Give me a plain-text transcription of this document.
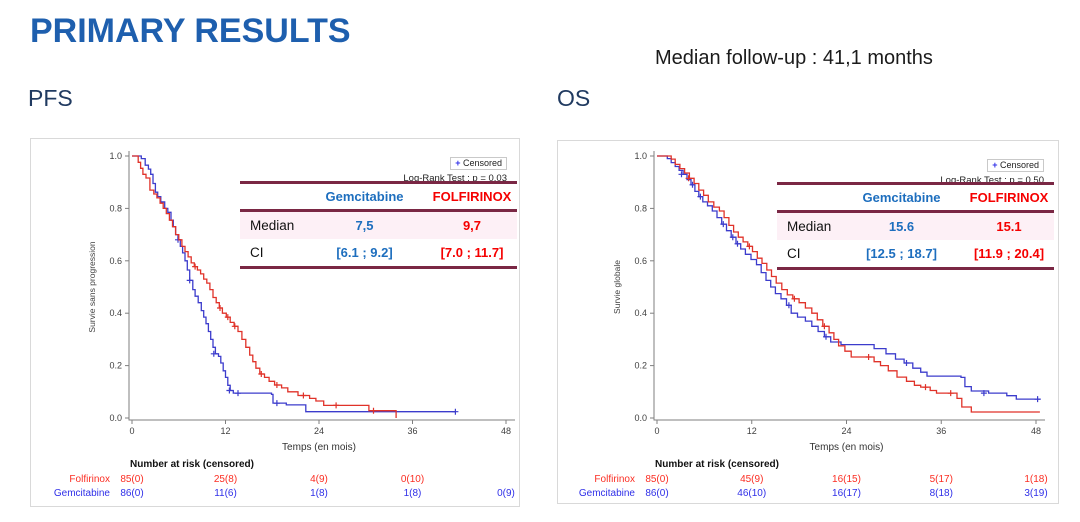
PRIMARY RESULTS
Median follow-up : 41,1 months
PFS	OS
0.0
0.2
0.4
0.6
0.8
1.0
0	12	24	36	48
Temps (en mois)
Survie sans progression
Number at risk (censored)
Folfirinox 85(0)	25(8)	4(9)	0(10)
Gemcitabine 86(0)	11(6)	1(8)	1(8)	0(9)
+ Censored
Log-Rank Test : p = 0.03
	Gemcitabine	FOLFIRINOX
Median	7,5	9,7
CI	[6.1 ; 9.2]	[7.0 ; 11.7]
0.0
0.2
0.4
0.6
0.8
1.0
0	12	24	36	48
Temps (en mois)
Survie globale
Number at risk (censored)
Folfirinox 85(0)	45(9)	16(15)	5(17)	1(18)
Gemcitabine 86(0)	46(10)	16(17)	8(18)	3(19)
+ Censored
Log-Rank Test : p = 0.50
	Gemcitabine	FOLFIRINOX
Median	15.6	15.1
CI	[12.5 ; 18.7]	[11.9 ; 20.4]
